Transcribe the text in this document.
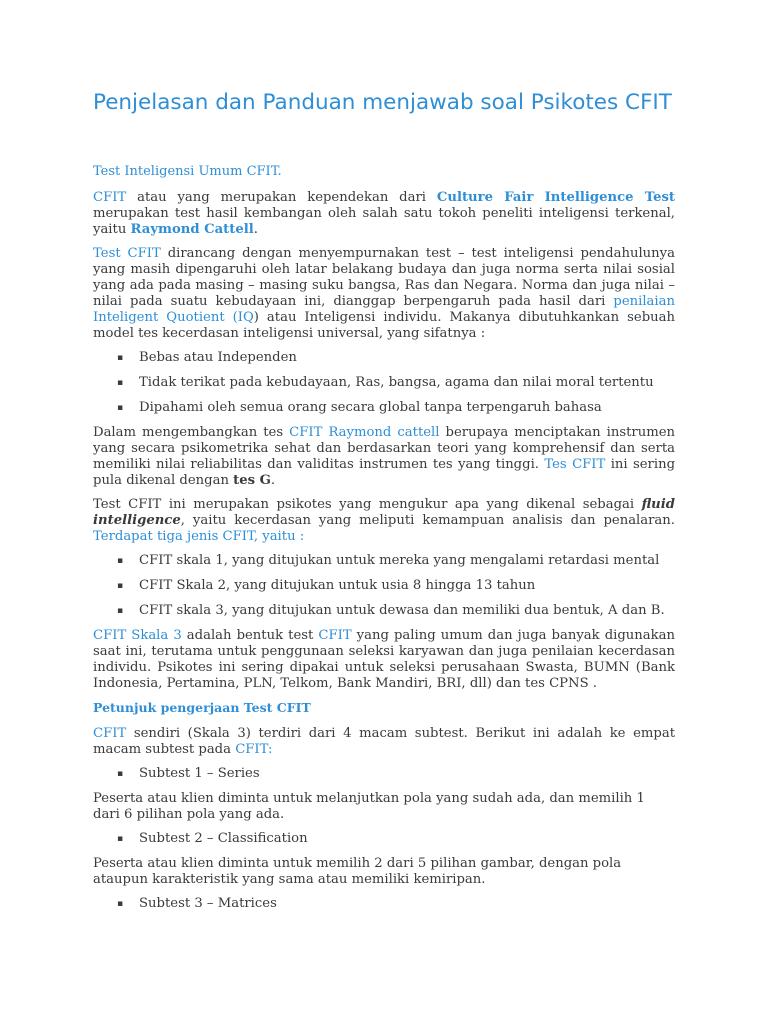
Penjelasan dan Panduan menjawab soal Psikotes CFIT
Test Inteligensi Umum CFIT.
CFIT atau yang merupakan kependekan dari Culture Fair Intelligence Test merupakan test hasil kembangan oleh salah satu tokoh peneliti inteligensi terkenal, yaitu Raymond Cattell.
Test CFIT dirancang dengan menyempurnakan test – test inteligensi pendahulunya yang masih dipengaruhi oleh latar belakang budaya dan juga norma serta nilai sosial yang ada pada masing – masing suku bangsa, Ras dan Negara. Norma dan juga nilai – nilai pada suatu kebudayaan ini, dianggap berpengaruh pada hasil dari penilaian Inteligent Quotient (IQ) atau Inteligensi individu. Makanya dibutuhkankan sebuah model tes kecerdasan inteligensi universal, yang sifatnya :
▪ Bebas atau Independen
▪ Tidak terikat pada kebudayaan, Ras, bangsa, agama dan nilai moral tertentu
▪ Dipahami oleh semua orang secara global tanpa terpengaruh bahasa
Dalam mengembangkan tes CFIT Raymond cattell berupaya menciptakan instrumen yang secara psikometrika sehat dan berdasarkan teori yang komprehensif dan serta memiliki nilai reliabilitas dan validitas instrumen tes yang tinggi. Tes CFIT ini sering pula dikenal dengan tes G.
Test CFIT ini merupakan psikotes yang mengukur apa yang dikenal sebagai fluid intelligence, yaitu kecerdasan yang meliputi kemampuan analisis dan penalaran. Terdapat tiga jenis CFIT, yaitu :
▪ CFIT skala 1, yang ditujukan untuk mereka yang mengalami retardasi mental
▪ CFIT Skala 2, yang ditujukan untuk usia 8 hingga 13 tahun
▪ CFIT skala 3, yang ditujukan untuk dewasa dan memiliki dua bentuk, A dan B.
CFIT Skala 3 adalah bentuk test CFIT yang paling umum dan juga banyak digunakan saat ini, terutama untuk penggunaan seleksi karyawan dan juga penilaian kecerdasan individu. Psikotes ini sering dipakai untuk seleksi perusahaan Swasta, BUMN (Bank Indonesia, Pertamina, PLN, Telkom, Bank Mandiri, BRI, dll) dan tes CPNS .
Petunjuk pengerjaan Test CFIT
CFIT sendiri (Skala 3) terdiri dari 4 macam subtest. Berikut ini adalah ke empat macam subtest pada CFIT:
▪ Subtest 1 – Series
Peserta atau klien diminta untuk melanjutkan pola yang sudah ada, dan memilih 1 dari 6 pilihan pola yang ada.
▪ Subtest 2 – Classification
Peserta atau klien diminta untuk memilih 2 dari 5 pilihan gambar, dengan pola ataupun karakteristik yang sama atau memiliki kemiripan.
▪ Subtest 3 – Matrices
